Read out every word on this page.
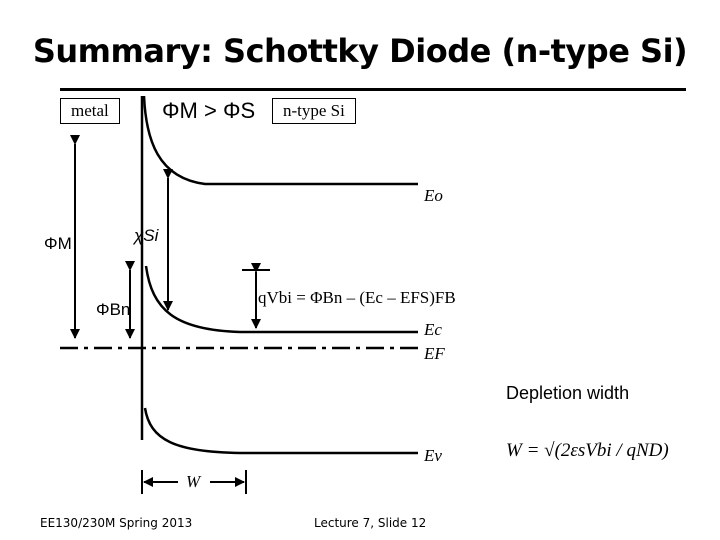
Summary: Schottky Diode (n-type Si)
metal	n-type Si
ΦM > ΦS
Eo
ΦM	χSi
ΦBn
qVbi = ΦBn – (Ec – EFS)FB
Ec
EF
Ev
W
Depletion width
W = √(2εsVbi / qND)
EE130/230M Spring 2013	Lecture 7, Slide 12
